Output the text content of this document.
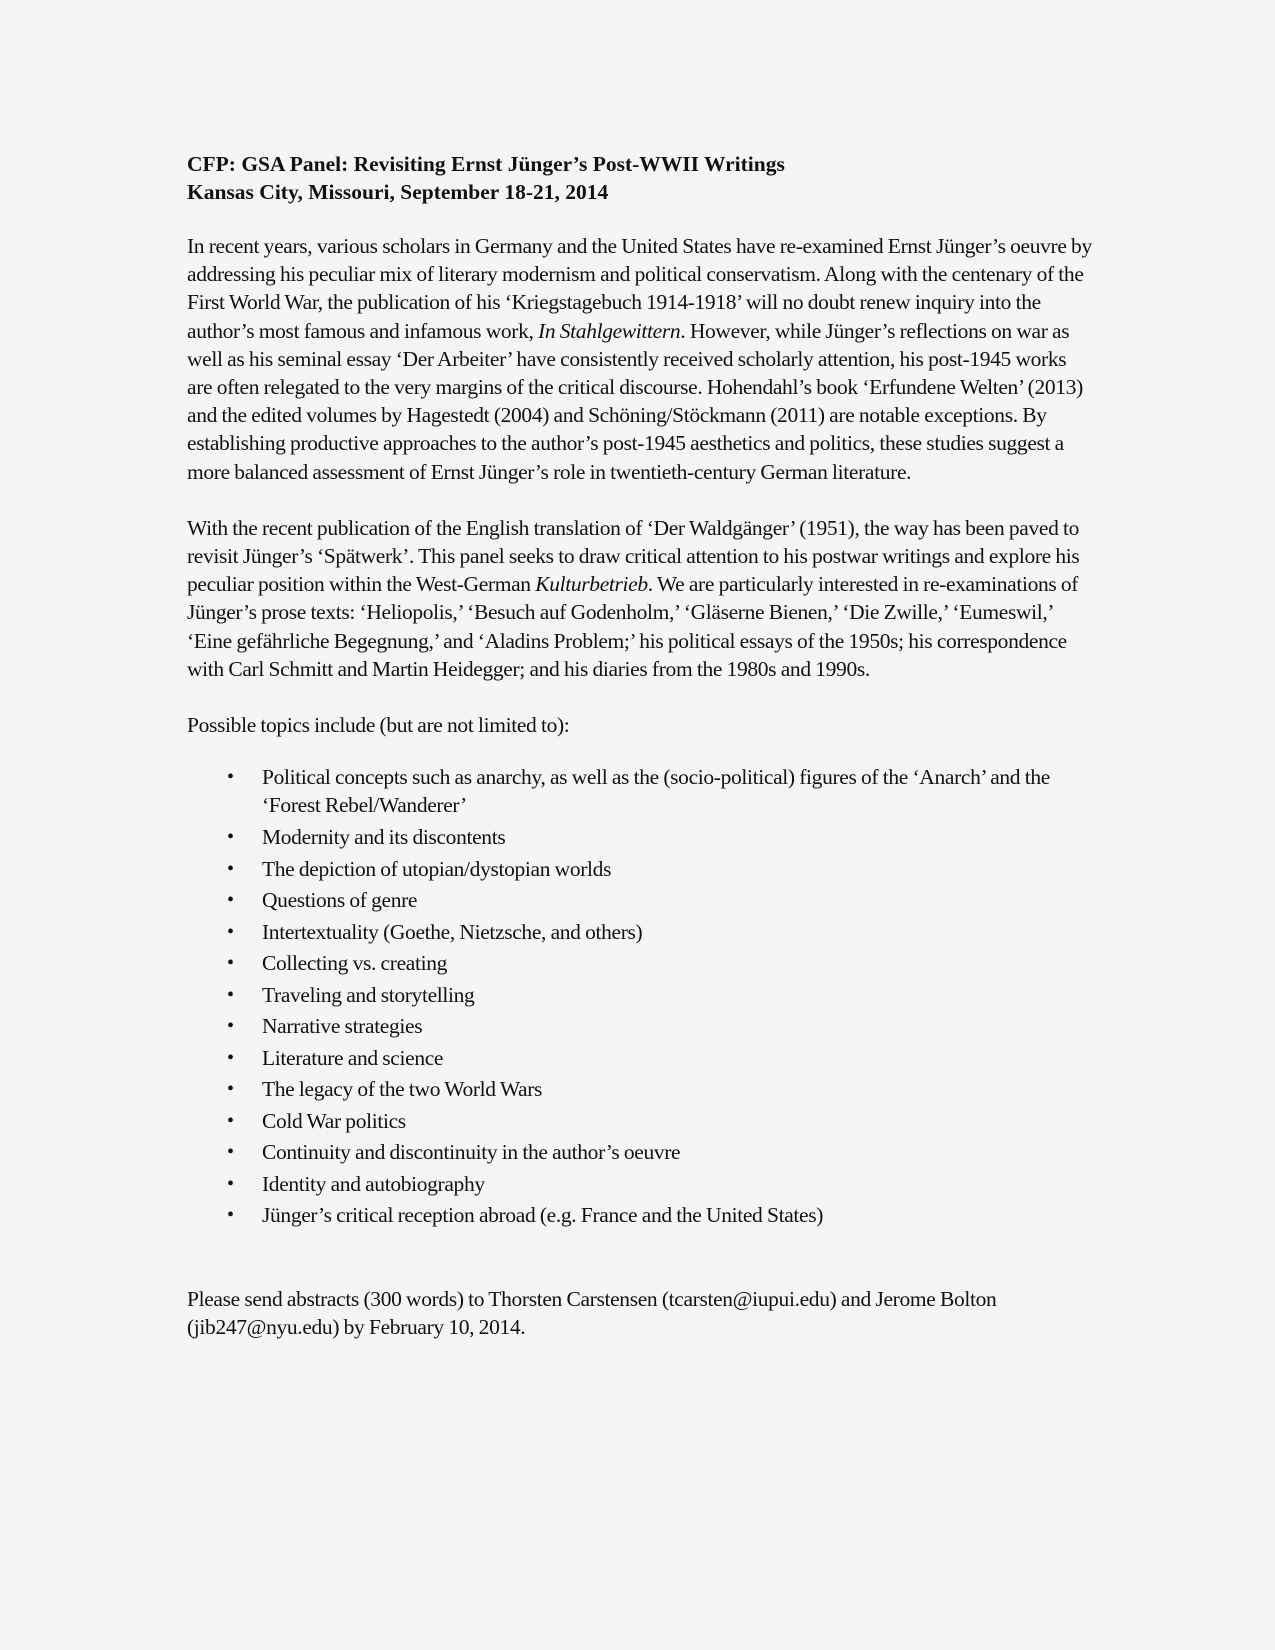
CFP: GSA Panel: Revisiting Ernst Jünger’s Post-WWII Writings
Kansas City, Missouri, September 18-21, 2014

In recent years, various scholars in Germany and the United States have re-examined Ernst Jünger’s oeuvre by addressing his peculiar mix of literary modernism and political conservatism. Along with the centenary of the First World War, the publication of his ‘Kriegstagebuch 1914-1918’ will no doubt renew inquiry into the author’s most famous and infamous work, In Stahlgewittern. However, while Jünger’s reflections on war as well as his seminal essay ‘Der Arbeiter’ have consistently received scholarly attention, his post-1945 works are often relegated to the very margins of the critical discourse. Hohendahl’s book ‘Erfundene Welten’ (2013) and the edited volumes by Hagestedt (2004) and Schöning/Stöckmann (2011) are notable exceptions. By establishing productive approaches to the author’s post-1945 aesthetics and politics, these studies suggest a more balanced assessment of Ernst Jünger’s role in twentieth-century German literature.

With the recent publication of the English translation of ‘Der Waldgänger’ (1951), the way has been paved to revisit Jünger’s ‘Spätwerk’. This panel seeks to draw critical attention to his postwar writings and explore his peculiar position within the West-German Kulturbetrieb. We are particularly interested in re-examinations of Jünger’s prose texts: ‘Heliopolis,’ ‘Besuch auf Godenholm,’ ‘Gläserne Bienen,’ ‘Die Zwille,’ ‘Eumeswil,’ ‘Eine gefährliche Begegnung,’ and ‘Aladins Problem;’ his political essays of the 1950s; his correspondence with Carl Schmitt and Martin Heidegger; and his diaries from the 1980s and 1990s.

Possible topics include (but are not limited to):

• Political concepts such as anarchy, as well as the (socio-political) figures of the ‘Anarch’ and the ‘Forest Rebel/Wanderer’
• Modernity and its discontents
• The depiction of utopian/dystopian worlds
• Questions of genre
• Intertextuality (Goethe, Nietzsche, and others)
• Collecting vs. creating
• Traveling and storytelling
• Narrative strategies
• Literature and science
• The legacy of the two World Wars
• Cold War politics
• Continuity and discontinuity in the author’s oeuvre
• Identity and autobiography
• Jünger’s critical reception abroad (e.g. France and the United States)

Please send abstracts (300 words) to Thorsten Carstensen (tcarsten@iupui.edu) and Jerome Bolton (jib247@nyu.edu) by February 10, 2014.
